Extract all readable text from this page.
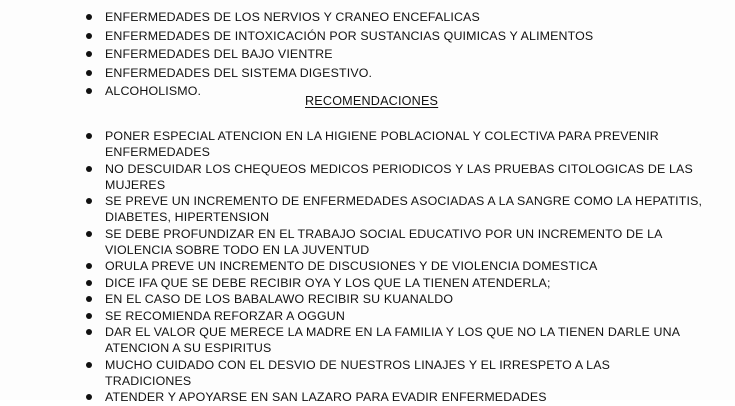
ENFERMEDADES DE LOS NERVIOS Y CRANEO ENCEFALICAS
ENFERMEDADES DE INTOXICACIÓN POR SUSTANCIAS QUIMICAS Y ALIMENTOS
ENFERMEDADES DEL BAJO VIENTRE
ENFERMEDADES DEL SISTEMA DIGESTIVO.
ALCOHOLISMO.
RECOMENDACIONES
PONER ESPECIAL ATENCION EN LA HIGIENE POBLACIONAL Y COLECTIVA PARA PREVENIR
ENFERMEDADES
NO DESCUIDAR LOS CHEQUEOS MEDICOS PERIODICOS Y LAS PRUEBAS CITOLOGICAS DE LAS
MUJERES
SE PREVE UN INCREMENTO DE ENFERMEDADES ASOCIADAS A LA SANGRE COMO LA HEPATITIS,
DIABETES, HIPERTENSION
SE DEBE PROFUNDIZAR EN EL TRABAJO SOCIAL EDUCATIVO POR UN INCREMENTO DE LA
VIOLENCIA SOBRE TODO EN LA JUVENTUD
ORULA PREVE UN INCREMENTO DE DISCUSIONES Y DE VIOLENCIA DOMESTICA
DICE IFA QUE SE DEBE RECIBIR OYA Y LOS QUE LA TIENEN ATENDERLA;
EN EL CASO DE LOS BABALAWO RECIBIR SU KUANALDO
SE RECOMIENDA REFORZAR A OGGUN
DAR EL VALOR QUE MERECE LA MADRE EN LA FAMILIA Y LOS QUE NO LA TIENEN DARLE UNA
ATENCION A SU ESPIRITUS
MUCHO CUIDADO CON EL DESVIO DE NUESTROS LINAJES Y EL IRRESPETO A LAS
TRADICIONES
ATENDER Y APOYARSE EN SAN LAZARO PARA EVADIR ENFERMEDADES
